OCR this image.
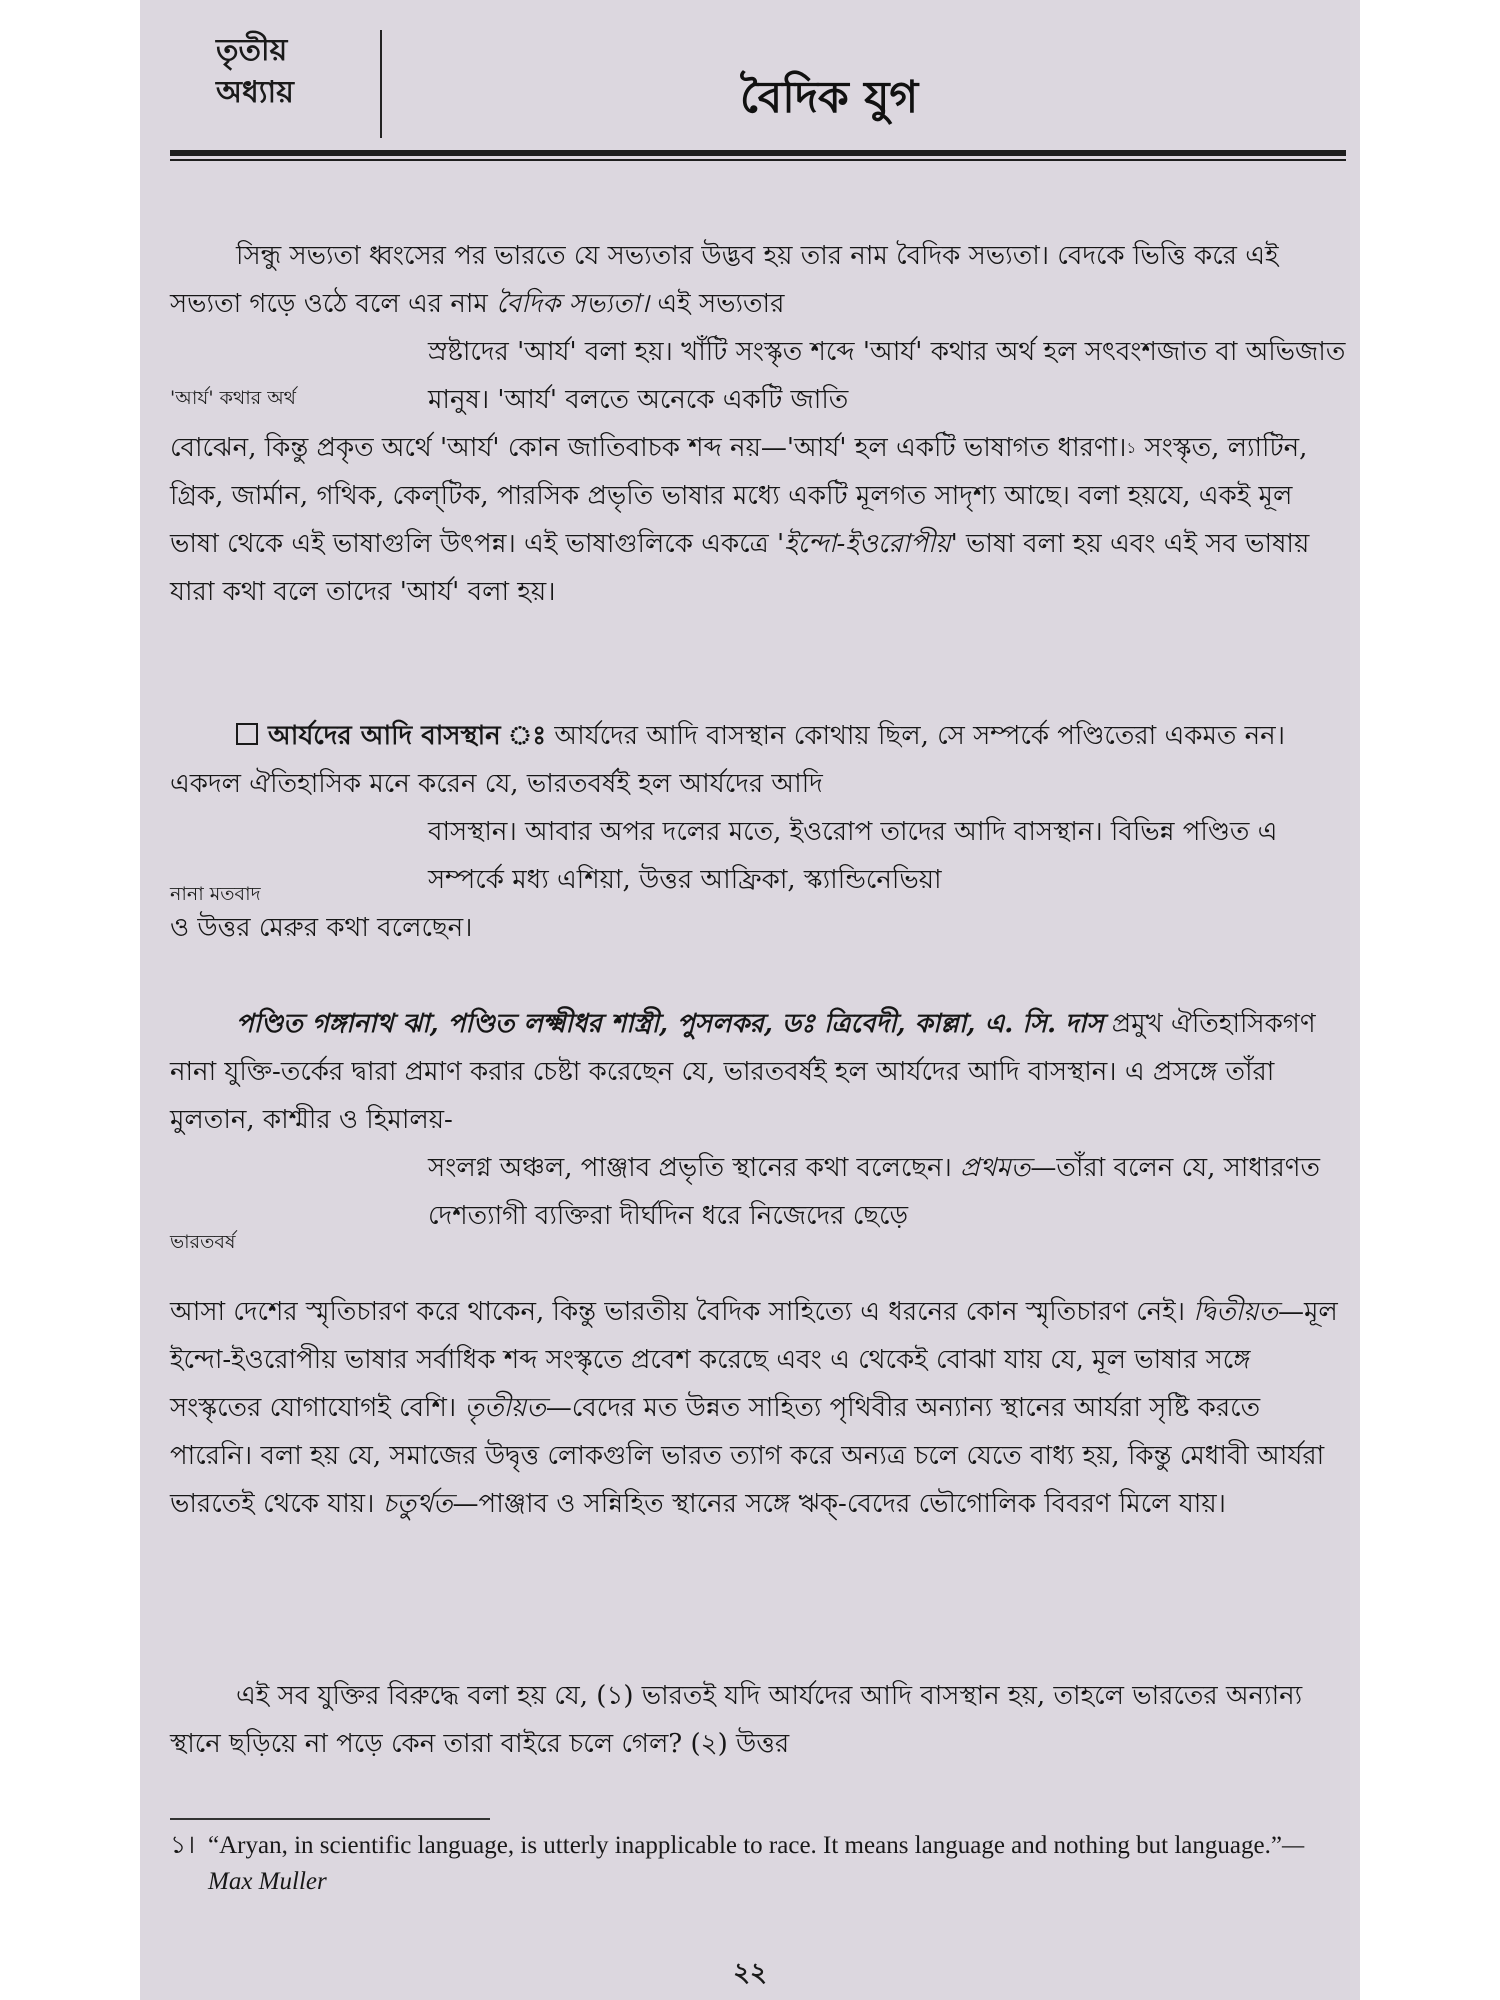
তৃতীয়
অধ্যায়	বৈদিক যুগ
সিন্ধু সভ্যতা ধ্বংসের পর ভারতে যে সভ্যতার উদ্ভব হয় তার নাম বৈদিক সভ্যতা। বেদকে ভিত্তি করে এই সভ্যতা গড়ে ওঠে বলে এর নাম বৈদিক সভ্যতা। এই সভ্যতার
'আর্য' কথার অর্থ
স্রষ্টাদের 'আর্য' বলা হয়। খাঁটি সংস্কৃত শব্দে 'আর্য' কথার অর্থ হল সৎবংশজাত বা অভিজাত মানুষ। 'আর্য' বলতে অনেকে একটি জাতি
বোঝেন, কিন্তু প্রকৃত অর্থে 'আর্য' কোন জাতিবাচক শব্দ নয়—'আর্য' হল একটি ভাষাগত ধারণা।$^১$ সংস্কৃত, ল্যাটিন, গ্রিক, জার্মান, গথিক, কেল্‌টিক, পারসিক প্রভৃতি ভাষার মধ্যে একটি মূলগত সাদৃশ্য আছে। বলা হয়যে, একই মূল ভাষা থেকে এই ভাষাগুলি উৎপন্ন। এই ভাষাগুলিকে একত্রে 'ইন্দো-ইওরোপীয়' ভাষা বলা হয় এবং এই সব ভাষায় যারা কথা বলে তাদের 'আর্য' বলা হয়।
আর্যদের আদি বাসস্থান ঃ আর্যদের আদি বাসস্থান কোথায় ছিল, সে সম্পর্কে পণ্ডিতেরা একমত নন। একদল ঐতিহাসিক মনে করেন যে, ভারতবর্ষই হল আর্যদের আদি
নানা মতবাদ
বাসস্থান। আবার অপর দলের মতে, ইওরোপ তাদের আদি বাসস্থান। বিভিন্ন পণ্ডিত এ সম্পর্কে মধ্য এশিয়া, উত্তর আফ্রিকা, স্ক্যান্ডিনেভিয়া
ও উত্তর মেরুর কথা বলেছেন।
পণ্ডিত গঙ্গানাথ ঝা, পণ্ডিত লক্ষ্মীধর শাস্ত্রী, পুসলকর, ডঃ ত্রিবেদী, কাল্লা, এ. সি. দাস প্রমুখ ঐতিহাসিকগণ নানা যুক্তি-তর্কের দ্বারা প্রমাণ করার চেষ্টা করেছেন যে, ভারতবর্ষই হল আর্যদের আদি বাসস্থান। এ প্রসঙ্গে তাঁরা মুলতান, কাশ্মীর ও হিমালয়-
ভারতবর্ষ
সংলগ্ন অঞ্চল, পাঞ্জাব প্রভৃতি স্থানের কথা বলেছেন। প্রথমত—তাঁরা বলেন যে, সাধারণত দেশত্যাগী ব্যক্তিরা দীর্ঘদিন ধরে নিজেদের ছেড়ে
আসা দেশের স্মৃতিচারণ করে থাকেন, কিন্তু ভারতীয় বৈদিক সাহিত্যে এ ধরনের কোন স্মৃতিচারণ নেই। দ্বিতীয়ত—মূল ইন্দো-ইওরোপীয় ভাষার সর্বাধিক শব্দ সংস্কৃতে প্রবেশ করেছে এবং এ থেকেই বোঝা যায় যে, মূল ভাষার সঙ্গে সংস্কৃতের যোগাযোগই বেশি। তৃতীয়ত—বেদের মত উন্নত সাহিত্য পৃথিবীর অন্যান্য স্থানের আর্যরা সৃষ্টি করতে পারেনি। বলা হয় যে, সমাজের উদ্বৃত্ত লোকগুলি ভারত ত্যাগ করে অন্যত্র চলে যেতে বাধ্য হয়, কিন্তু মেধাবী আর্যরা ভারতেই থেকে যায়। চতুর্থত—পাঞ্জাব ও সন্নিহিত স্থানের সঙ্গে ঋক্‌-বেদের ভৌগোলিক বিবরণ মিলে যায়।
এই সব যুক্তির বিরুদ্ধে বলা হয় যে, (১) ভারতই যদি আর্যদের আদি বাসস্থান হয়, তাহলে ভারতের অন্যান্য স্থানে ছড়িয়ে না পড়ে কেন তারা বাইরে চলে গেল? (২) উত্তর
১। “Aryan, in scientific language, is utterly inapplicable to race. It means language and nothing but language.”—Max Muller
২২
